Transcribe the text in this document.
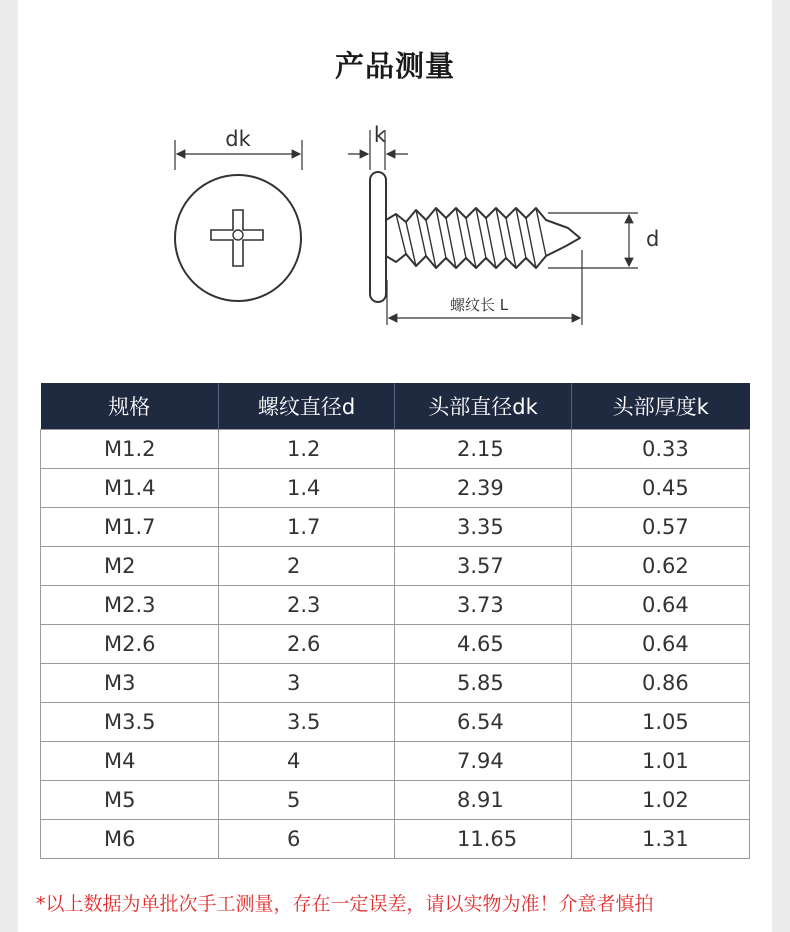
产品测量
dk	k
d
螺纹长 L
规格	螺纹直径d	头部直径dk	头部厚度k
M1.2	1.2	2.15	0.33
M1.4	1.4	2.39	0.45
M1.7	1.7	3.35	0.57
M2	2	3.57	0.62
M2.3	2.3	3.73	0.64
M2.6	2.6	4.65	0.64
M3	3	5.85	0.86
M3.5	3.5	6.54	1.05
M4	4	7.94	1.01
M5	5	8.91	1.02
M6	6	11.65	1.31
*以上数据为单批次手工测量，存在一定误差，请以实物为准！介意者慎拍
